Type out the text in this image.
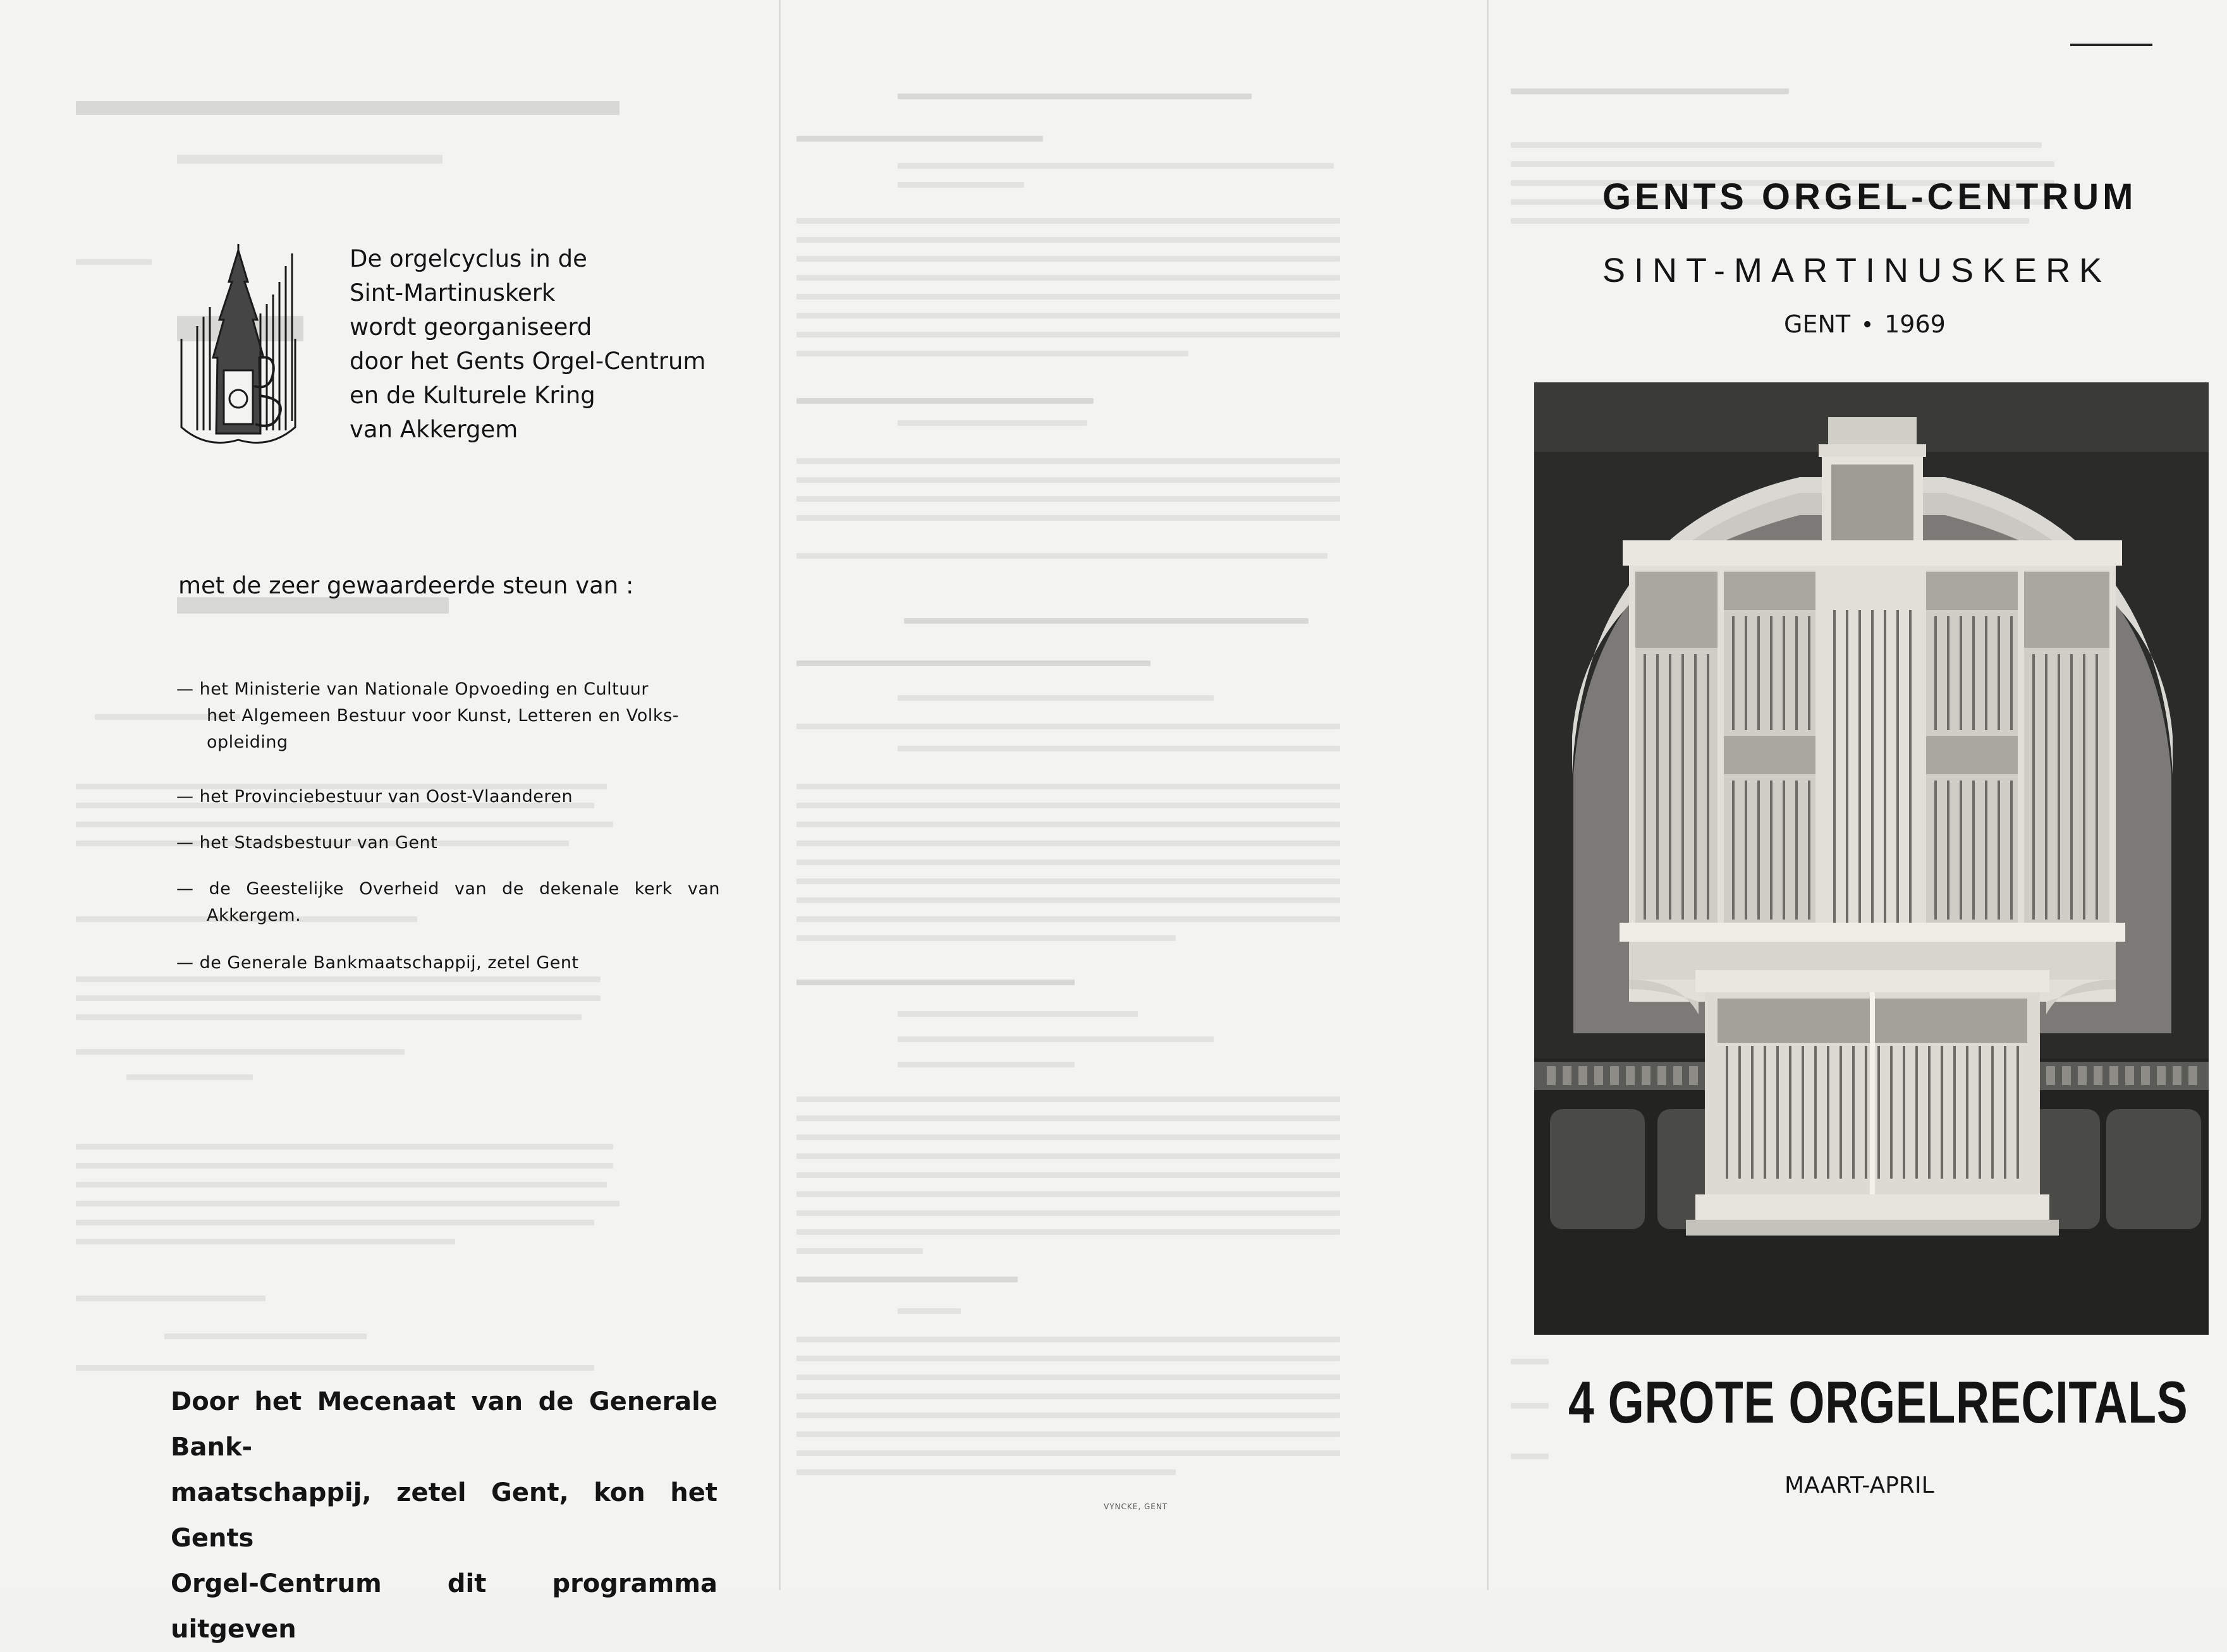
De orgelcyclus in de
Sint-Martinuskerk
wordt georganiseerd
door het Gents Orgel-Centrum
en de Kulturele Kring
van Akkergem

met de zeer gewaardeerde steun van :

— het Ministerie van Nationale Opvoeding en Cultuur
het Algemeen Bestuur voor Kunst, Letteren en Volks-
opleiding
— het Provinciebestuur van Oost-Vlaanderen
— het Stadsbestuur van Gent
— de Geestelijke Overheid van de dekenale kerk van
Akkergem.
— de Generale Bankmaatschappij, zetel Gent
Door het Mecenaat van de Generale Bank-
maatschappij, zetel Gent, kon het Gents
Orgel-Centrum dit programma uitgeven
VYNCKE, GENT
GENTS ORGEL-CENTRUM
SINT-MARTINUSKERK
GENT 1969
4 GROTE ORGELRECITALS
MAART-APRIL
